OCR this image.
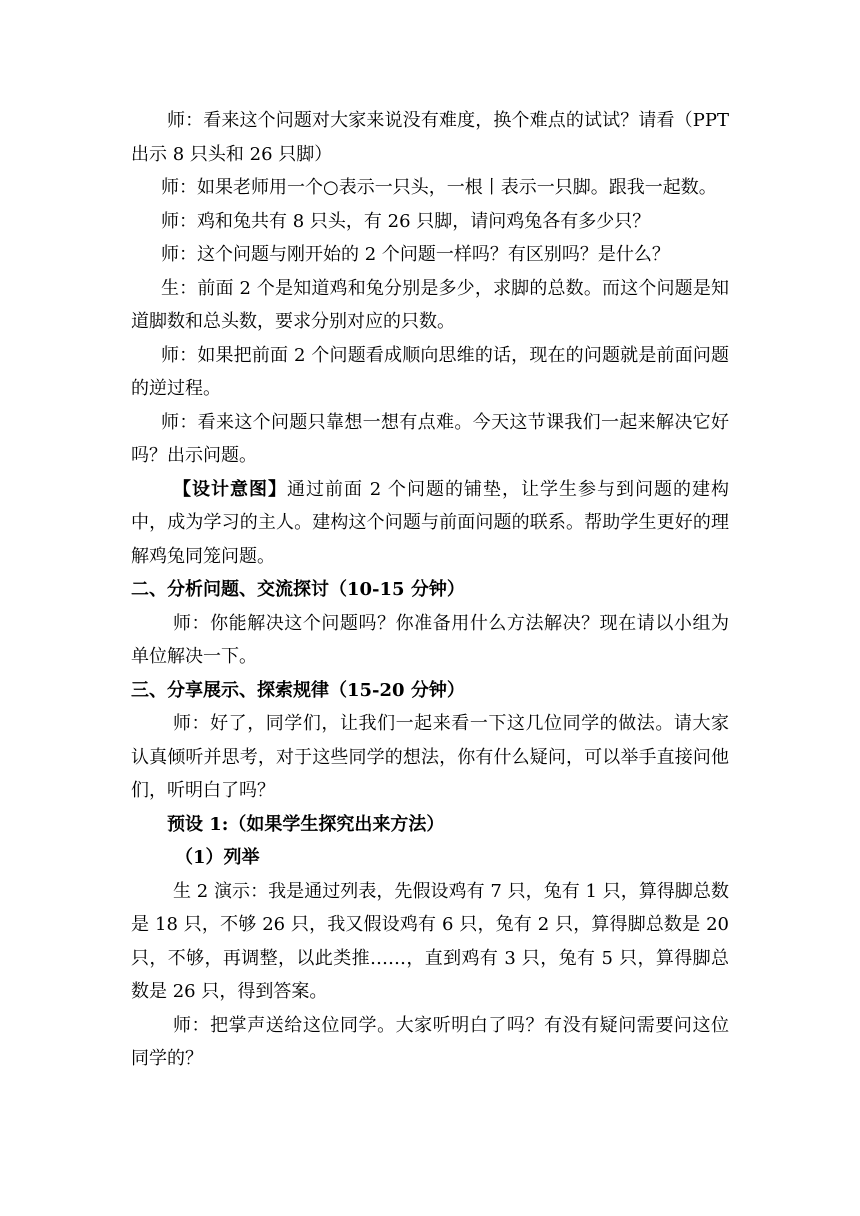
师：看来这个问题对大家来说没有难度，换个难点的试试？请看（PPT 出示 8 只头和 26 只脚）

师：如果老师用一个○表示一只头，一根丨表示一只脚。跟我一起数。

师：鸡和兔共有 8 只头，有 26 只脚，请问鸡兔各有多少只？

师：这个问题与刚开始的 2 个问题一样吗？有区别吗？是什么？

生：前面 2 个是知道鸡和兔分别是多少，求脚的总数。而这个问题是知道脚数和总头数，要求分别对应的只数。

师：如果把前面 2 个问题看成顺向思维的话，现在的问题就是前面问题的逆过程。

师：看来这个问题只靠想一想有点难。今天这节课我们一起来解决它好吗？出示问题。

【设计意图】通过前面 2 个问题的铺垫，让学生参与到问题的建构中，成为学习的主人。建构这个问题与前面问题的联系。帮助学生更好的理解鸡兔同笼问题。

二、分析问题、交流探讨（10-15 分钟）

师：你能解决这个问题吗？你准备用什么方法解决？现在请以小组为单位解决一下。

三、分享展示、探索规律（15-20 分钟）

师：好了，同学们，让我们一起来看一下这几位同学的做法。请大家认真倾听并思考，对于这些同学的想法，你有什么疑问，可以举手直接问他们，听明白了吗？

预设 1:（如果学生探究出来方法）

（1）列举

生 2 演示：我是通过列表，先假设鸡有 7 只，兔有 1 只，算得脚总数是 18 只，不够 26 只，我又假设鸡有 6 只，兔有 2 只，算得脚总数是 20 只，不够，再调整，以此类推……，直到鸡有 3 只，兔有 5 只，算得脚总数是 26 只，得到答案。

师：把掌声送给这位同学。大家听明白了吗？有没有疑问需要问这位同学的？
